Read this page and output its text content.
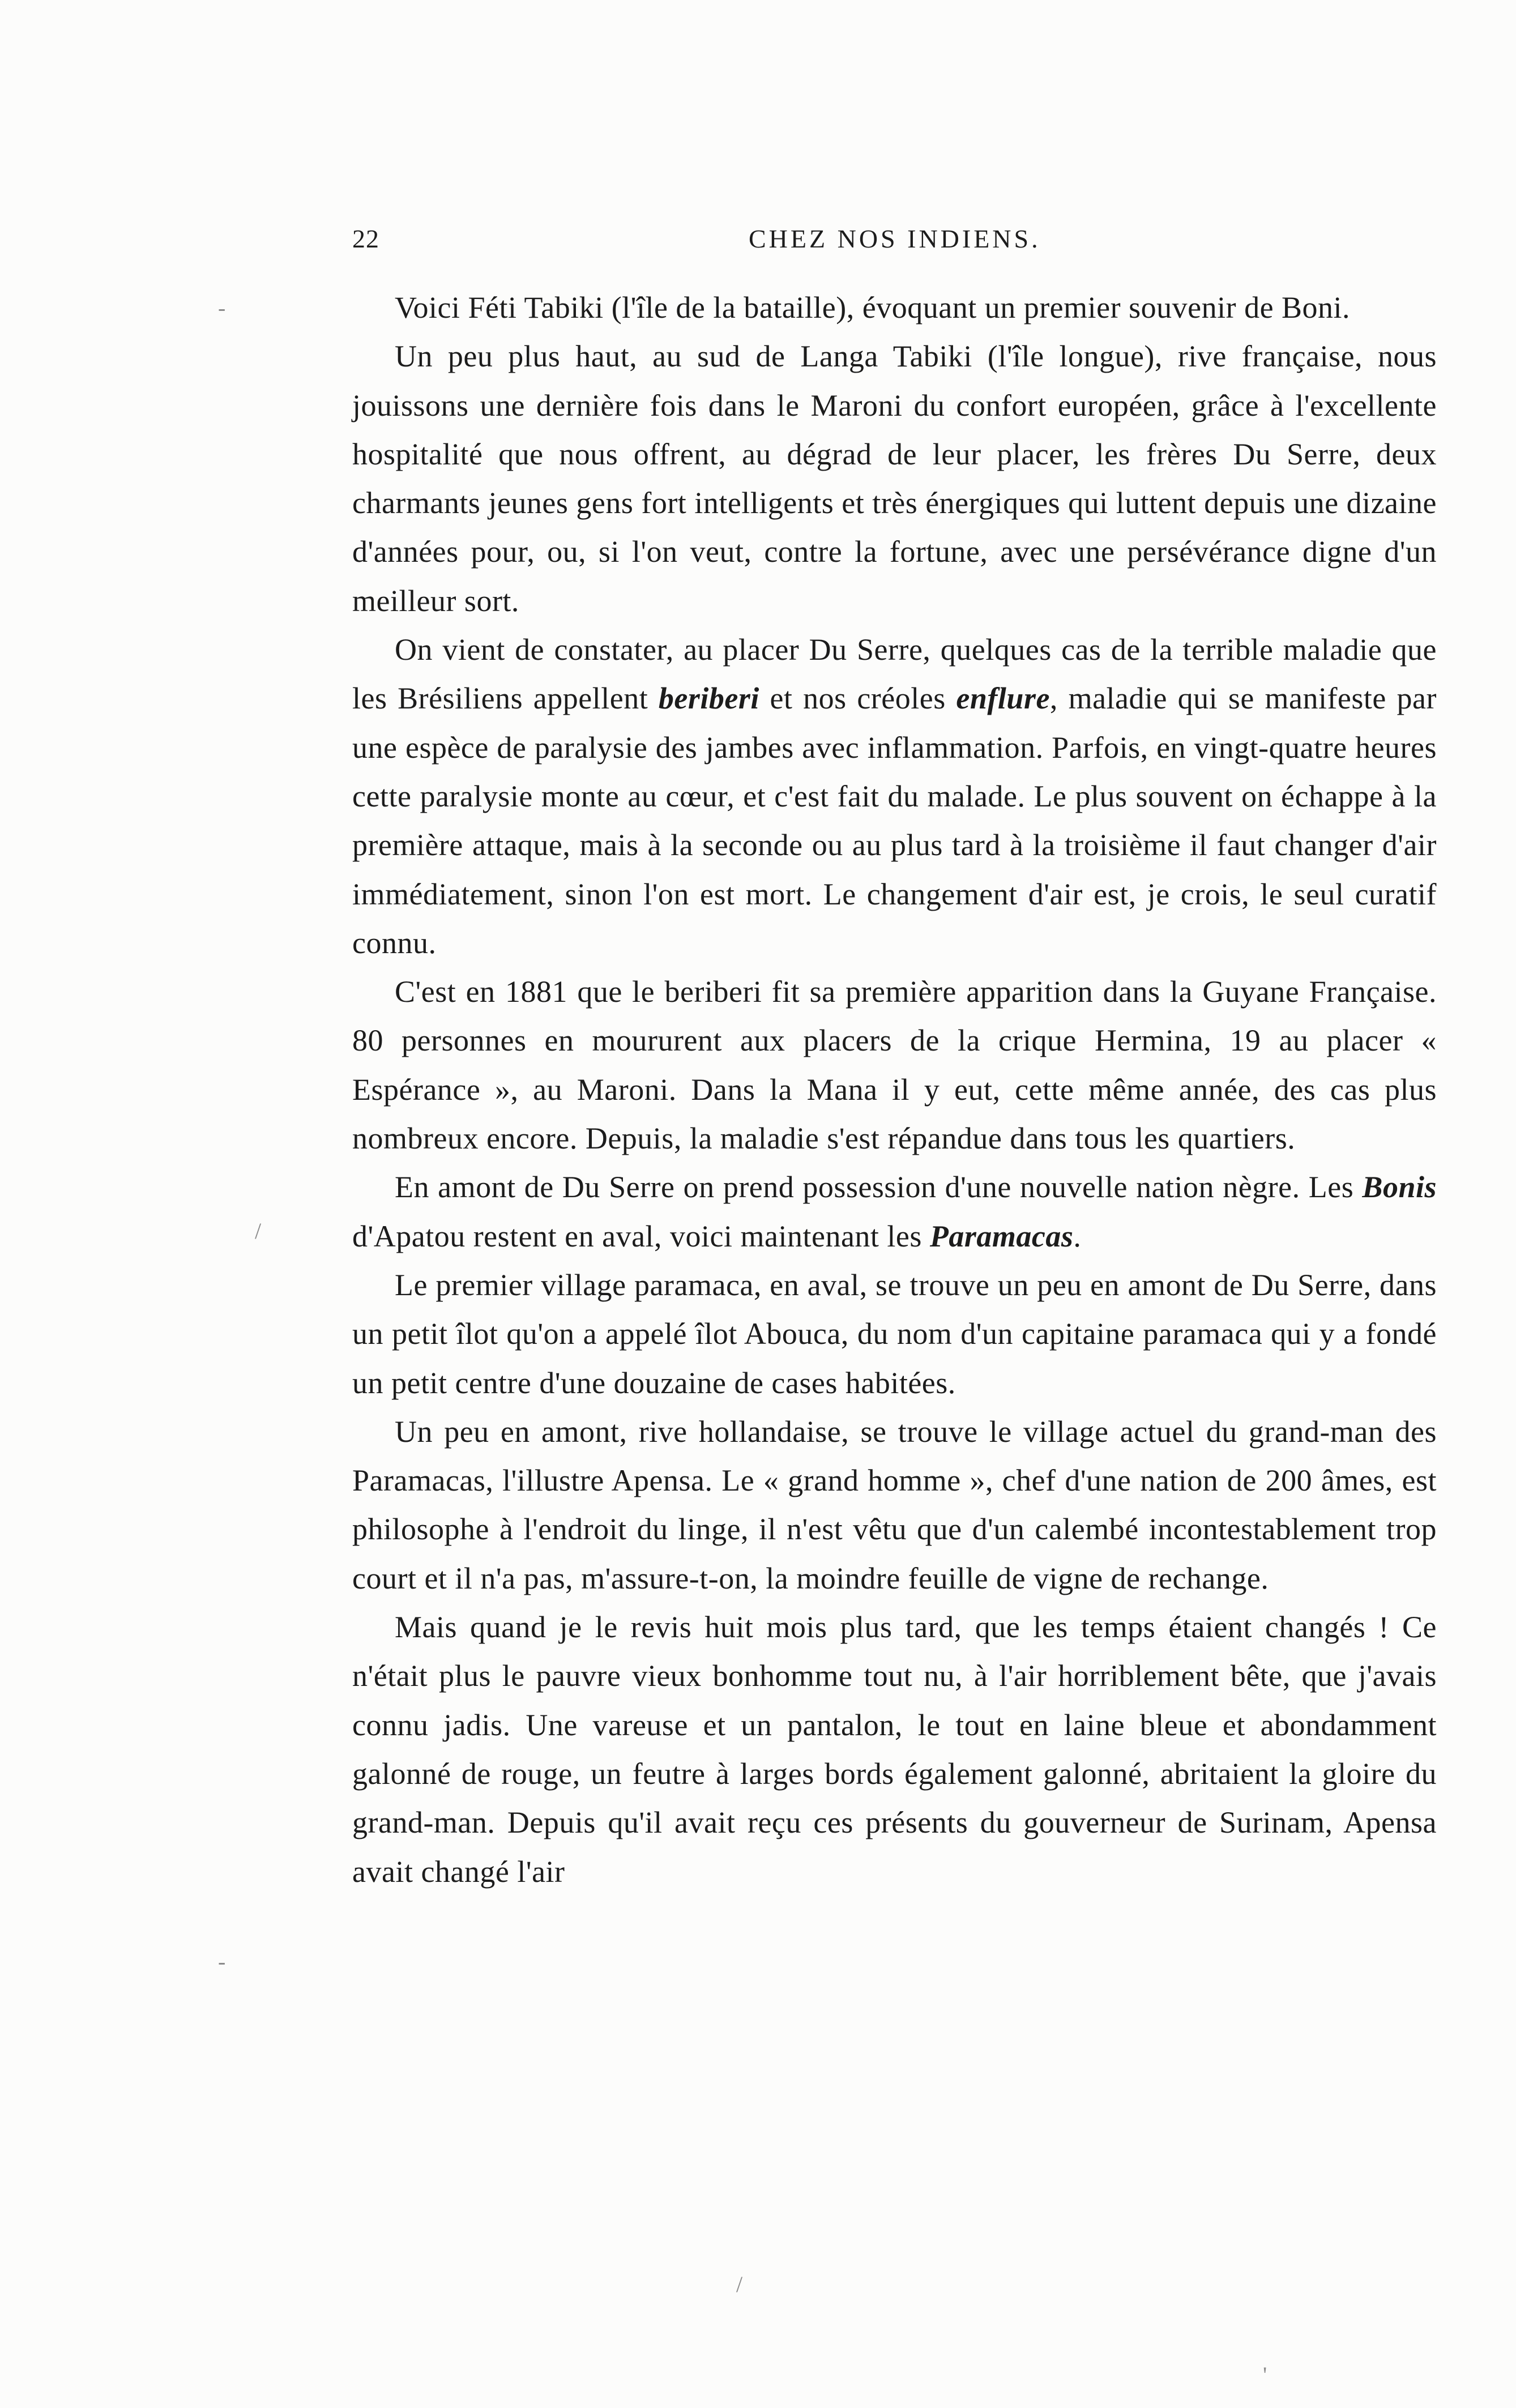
22	CHEZ NOS INDIENS.

Voici Féti Tabiki (l'île de la bataille), évoquant un premier souvenir de Boni.

Un peu plus haut, au sud de Langa Tabiki (l'île longue), rive française, nous jouissons une dernière fois dans le Maroni du confort européen, grâce à l'excellente hospitalité que nous offrent, au dégrad de leur placer, les frères Du Serre, deux charmants jeunes gens fort intelligents et très énergiques qui luttent depuis une dizaine d'années pour, ou, si l'on veut, contre la fortune, avec une persévérance digne d'un meilleur sort.

On vient de constater, au placer Du Serre, quelques cas de la terrible maladie que les Brésiliens appellent beriberi et nos créoles enflure, maladie qui se manifeste par une espèce de paralysie des jambes avec inflammation. Parfois, en vingt-quatre heures cette paralysie monte au cœur, et c'est fait du malade. Le plus souvent on échappe à la première attaque, mais à la seconde ou au plus tard à la troisième il faut changer d'air immédiatement, sinon l'on est mort. Le changement d'air est, je crois, le seul curatif connu.

C'est en 1881 que le beriberi fit sa première apparition dans la Guyane Française. 80 personnes en moururent aux placers de la crique Hermina, 19 au placer « Espérance », au Maroni. Dans la Mana il y eut, cette même année, des cas plus nombreux encore. Depuis, la maladie s'est répandue dans tous les quartiers.

En amont de Du Serre on prend possession d'une nouvelle nation nègre. Les Bonis d'Apatou restent en aval, voici maintenant les Paramacas.

Le premier village paramaca, en aval, se trouve un peu en amont de Du Serre, dans un petit îlot qu'on a appelé îlot Abouca, du nom d'un capitaine paramaca qui y a fondé un petit centre d'une douzaine de cases habitées.

Un peu en amont, rive hollandaise, se trouve le village actuel du grand-man des Paramacas, l'illustre Apensa. Le « grand homme », chef d'une nation de 200 âmes, est philosophe à l'endroit du linge, il n'est vêtu que d'un calembé incontestablement trop court et il n'a pas, m'assure-t-on, la moindre feuille de vigne de rechange.

Mais quand je le revis huit mois plus tard, que les temps étaient changés ! Ce n'était plus le pauvre vieux bonhomme tout nu, à l'air horriblement bête, que j'avais connu jadis. Une vareuse et un pantalon, le tout en laine bleue et abondamment galonné de rouge, un feutre à larges bords également galonné, abritaient la gloire du grand-man. Depuis qu'il avait reçu ces présents du gouverneur de Surinam, Apensa avait changé l'air

-
/
-
/
'
